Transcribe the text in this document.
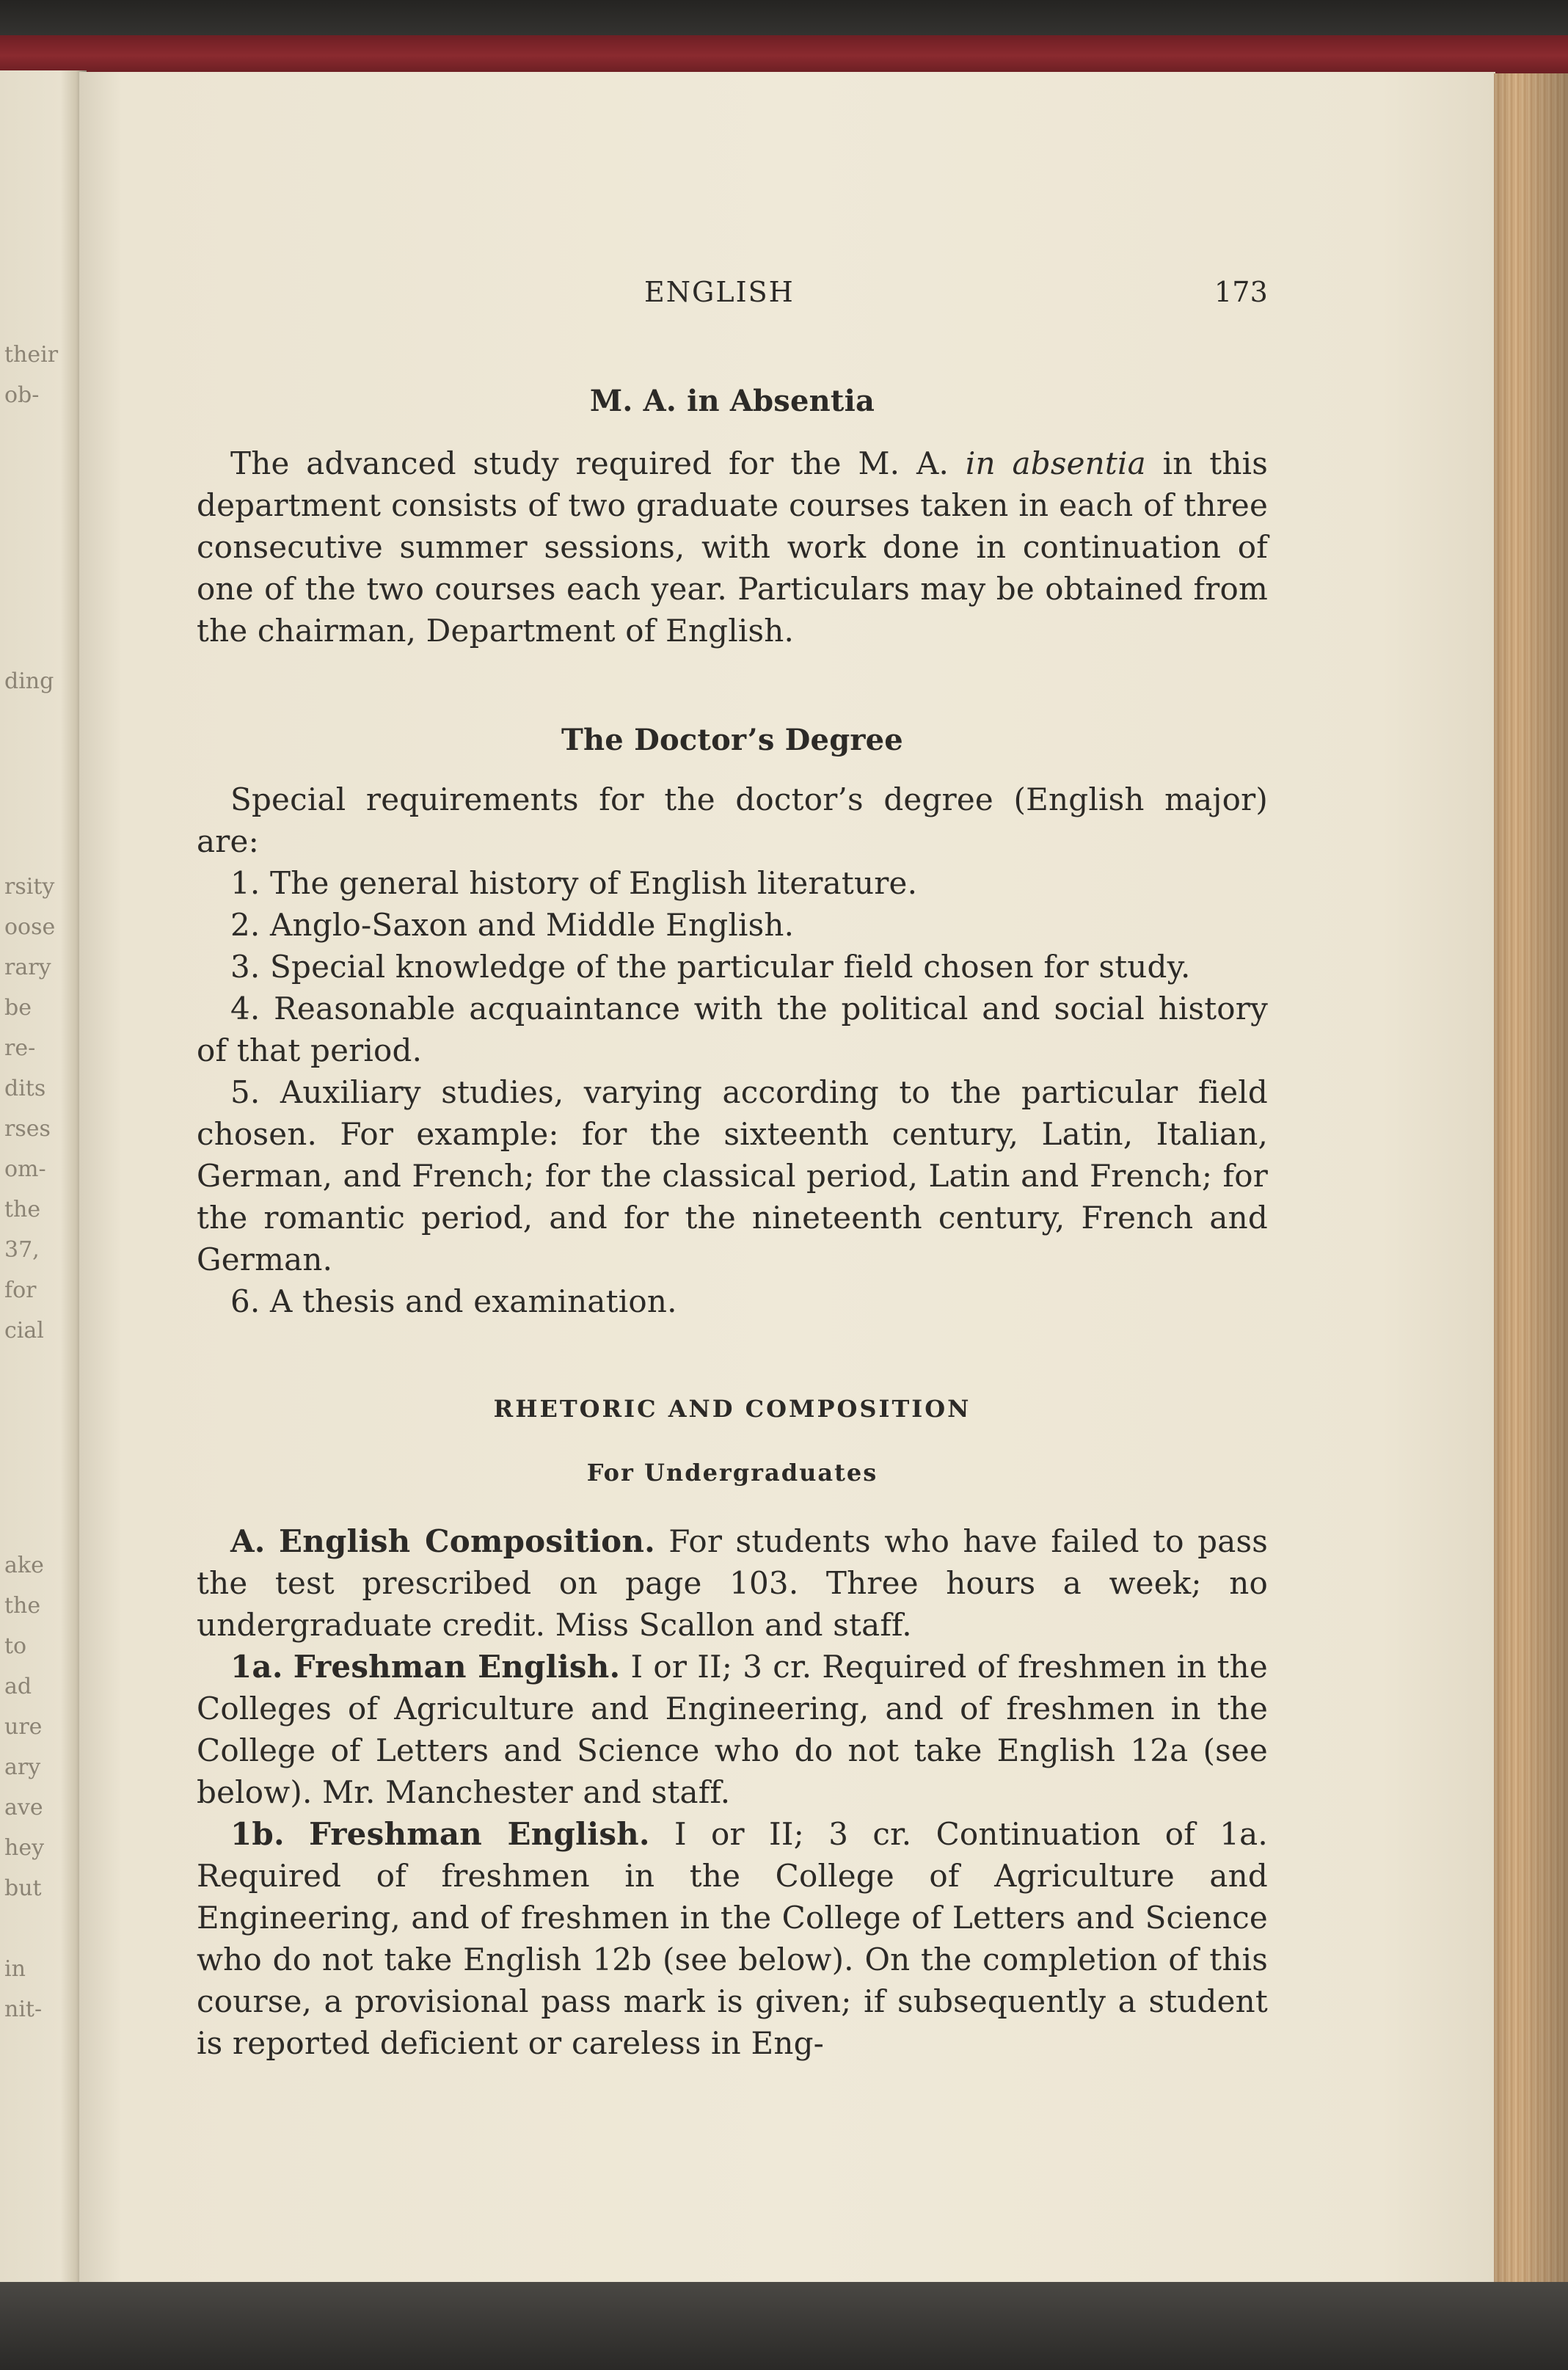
their
ob-
ding
rsity
oose
rary
be
re-
dits
rses
om-
the
37,
for
cial
ake
the
to
ad
ure
ary
ave
hey
but
in
nit-
ENGLISH	173
M. A. in Absentia

The advanced study required for the M. A. in absentia in this department consists of two graduate courses taken in each of three consecutive summer sessions, with work done in continuation of one of the two courses each year. Particulars may be obtained from the chairman, Department of English.

The Doctor’s Degree

Special requirements for the doctor’s degree (English major) are:

1. The general history of English literature.
2. Anglo-Saxon and Middle English.
3. Special knowledge of the particular field chosen for study.
4. Reasonable acquaintance with the political and social history of that period.
5. Auxiliary studies, varying according to the particular field chosen. For example: for the sixteenth century, Latin, Italian, German, and French; for the classical period, Latin and French; for the romantic period, and for the nineteenth century, French and German.
6. A thesis and examination.
RHETORIC AND COMPOSITION
For Undergraduates

A. English Composition. For students who have failed to pass the test prescribed on page 103. Three hours a week; no undergraduate credit. Miss Scallon and staff.

1a. Freshman English. I or II; 3 cr. Required of freshmen in the Colleges of Agriculture and Engineering, and of freshmen in the College of Letters and Science who do not take English 12a (see below). Mr. Manchester and staff.

1b. Freshman English. I or II; 3 cr. Continuation of 1a. Required of freshmen in the College of Agriculture and Engineering, and of freshmen in the College of Letters and Science who do not take English 12b (see below). On the completion of this course, a provisional pass mark is given; if subsequently a student is reported deficient or careless in Eng-
